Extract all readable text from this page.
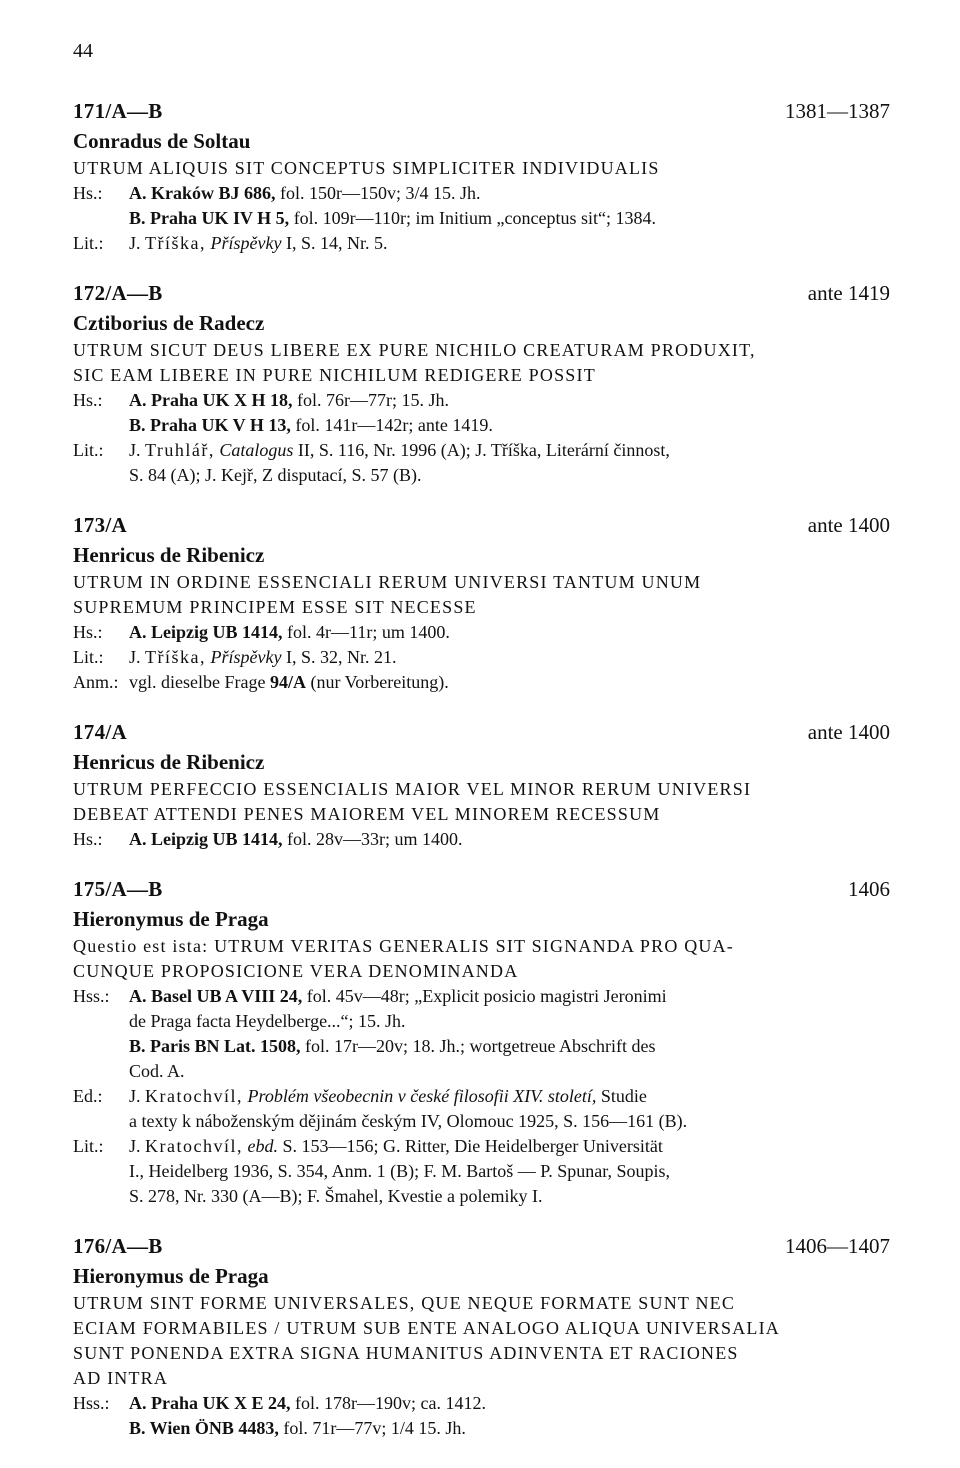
44
171/A—B	1381—1387
Conradus de Soltau
UTRUM ALIQUIS SIT CONCEPTUS SIMPLICITER INDIVIDUALIS
Hs.:	A. Kraków BJ 686, fol. 150r—150v; 3/4 15. Jh.
B. Praha UK IV H 5, fol. 109r—110r; im Initium „conceptus sit“; 1384.
Lit.:	J. Tříška, Příspěvky I, S. 14, Nr. 5.
172/A—B	ante 1419
Cztiborius de Radecz
UTRUM SICUT DEUS LIBERE EX PURE NICHILO CREATURAM PRODUXIT,
SIC EAM LIBERE IN PURE NICHILUM REDIGERE POSSIT
Hs.:	A. Praha UK X H 18, fol. 76r—77r; 15. Jh.
B. Praha UK V H 13, fol. 141r—142r; ante 1419.
Lit.:	J. Truhlář, Catalogus II, S. 116, Nr. 1996 (A); J. Tříška, Literární činnost,
S. 84 (A); J. Kejř, Z disputací, S. 57 (B).
173/A	ante 1400
Henricus de Ribenicz
UTRUM IN ORDINE ESSENCIALI RERUM UNIVERSI TANTUM UNUM
SUPREMUM PRINCIPEM ESSE SIT NECESSE
Hs.:	A. Leipzig UB 1414, fol. 4r—11r; um 1400.
Lit.:	J. Tříška, Příspěvky I, S. 32, Nr. 21.
Anm.: vgl. dieselbe Frage 94/A (nur Vorbereitung).
174/A	ante 1400
Henricus de Ribenicz
UTRUM PERFECCIO ESSENCIALIS MAIOR VEL MINOR RERUM UNIVERSI
DEBEAT ATTENDI PENES MAIOREM VEL MINOREM RECESSUM
Hs.:	A. Leipzig UB 1414, fol. 28v—33r; um 1400.
175/A—B	1406
Hieronymus de Praga
Questio est ista: UTRUM VERITAS GENERALIS SIT SIGNANDA PRO QUA-
CUNQUE PROPOSICIONE VERA DENOMINANDA
Hss.:	A. Basel UB A VIII 24, fol. 45v—48r; „Explicit posicio magistri Jeronimi
de Praga facta Heydelberge...“; 15. Jh.
B. Paris BN Lat. 1508, fol. 17r—20v; 18. Jh.; wortgetreue Abschrift des
Cod. A.
Ed.:	J. Kratochvíl, Problém všeobecnin v české filosofii XIV. století, Studie
a texty k náboženským dějinám českým IV, Olomouc 1925, S. 156—161 (B).
Lit.:	J. Kratochvíl, ebd. S. 153—156; G. Ritter, Die Heidelberger Universität
I., Heidelberg 1936, S. 354, Anm. 1 (B); F. M. Bartoš — P. Spunar, Soupis,
S. 278, Nr. 330 (A—B); F. Šmahel, Kvestie a polemiky I.
176/A—B	1406—1407
Hieronymus de Praga
UTRUM SINT FORME UNIVERSALES, QUE NEQUE FORMATE SUNT NEC
ECIAM FORMABILES / UTRUM SUB ENTE ANALOGO ALIQUA UNIVERSALIA
SUNT PONENDA EXTRA SIGNA HUMANITUS ADINVENTA ET RACIONES
AD INTRA
Hss.:	A. Praha UK X E 24, fol. 178r—190v; ca. 1412.
B. Wien ÖNB 4483, fol. 71r—77v; 1/4 15. Jh.
